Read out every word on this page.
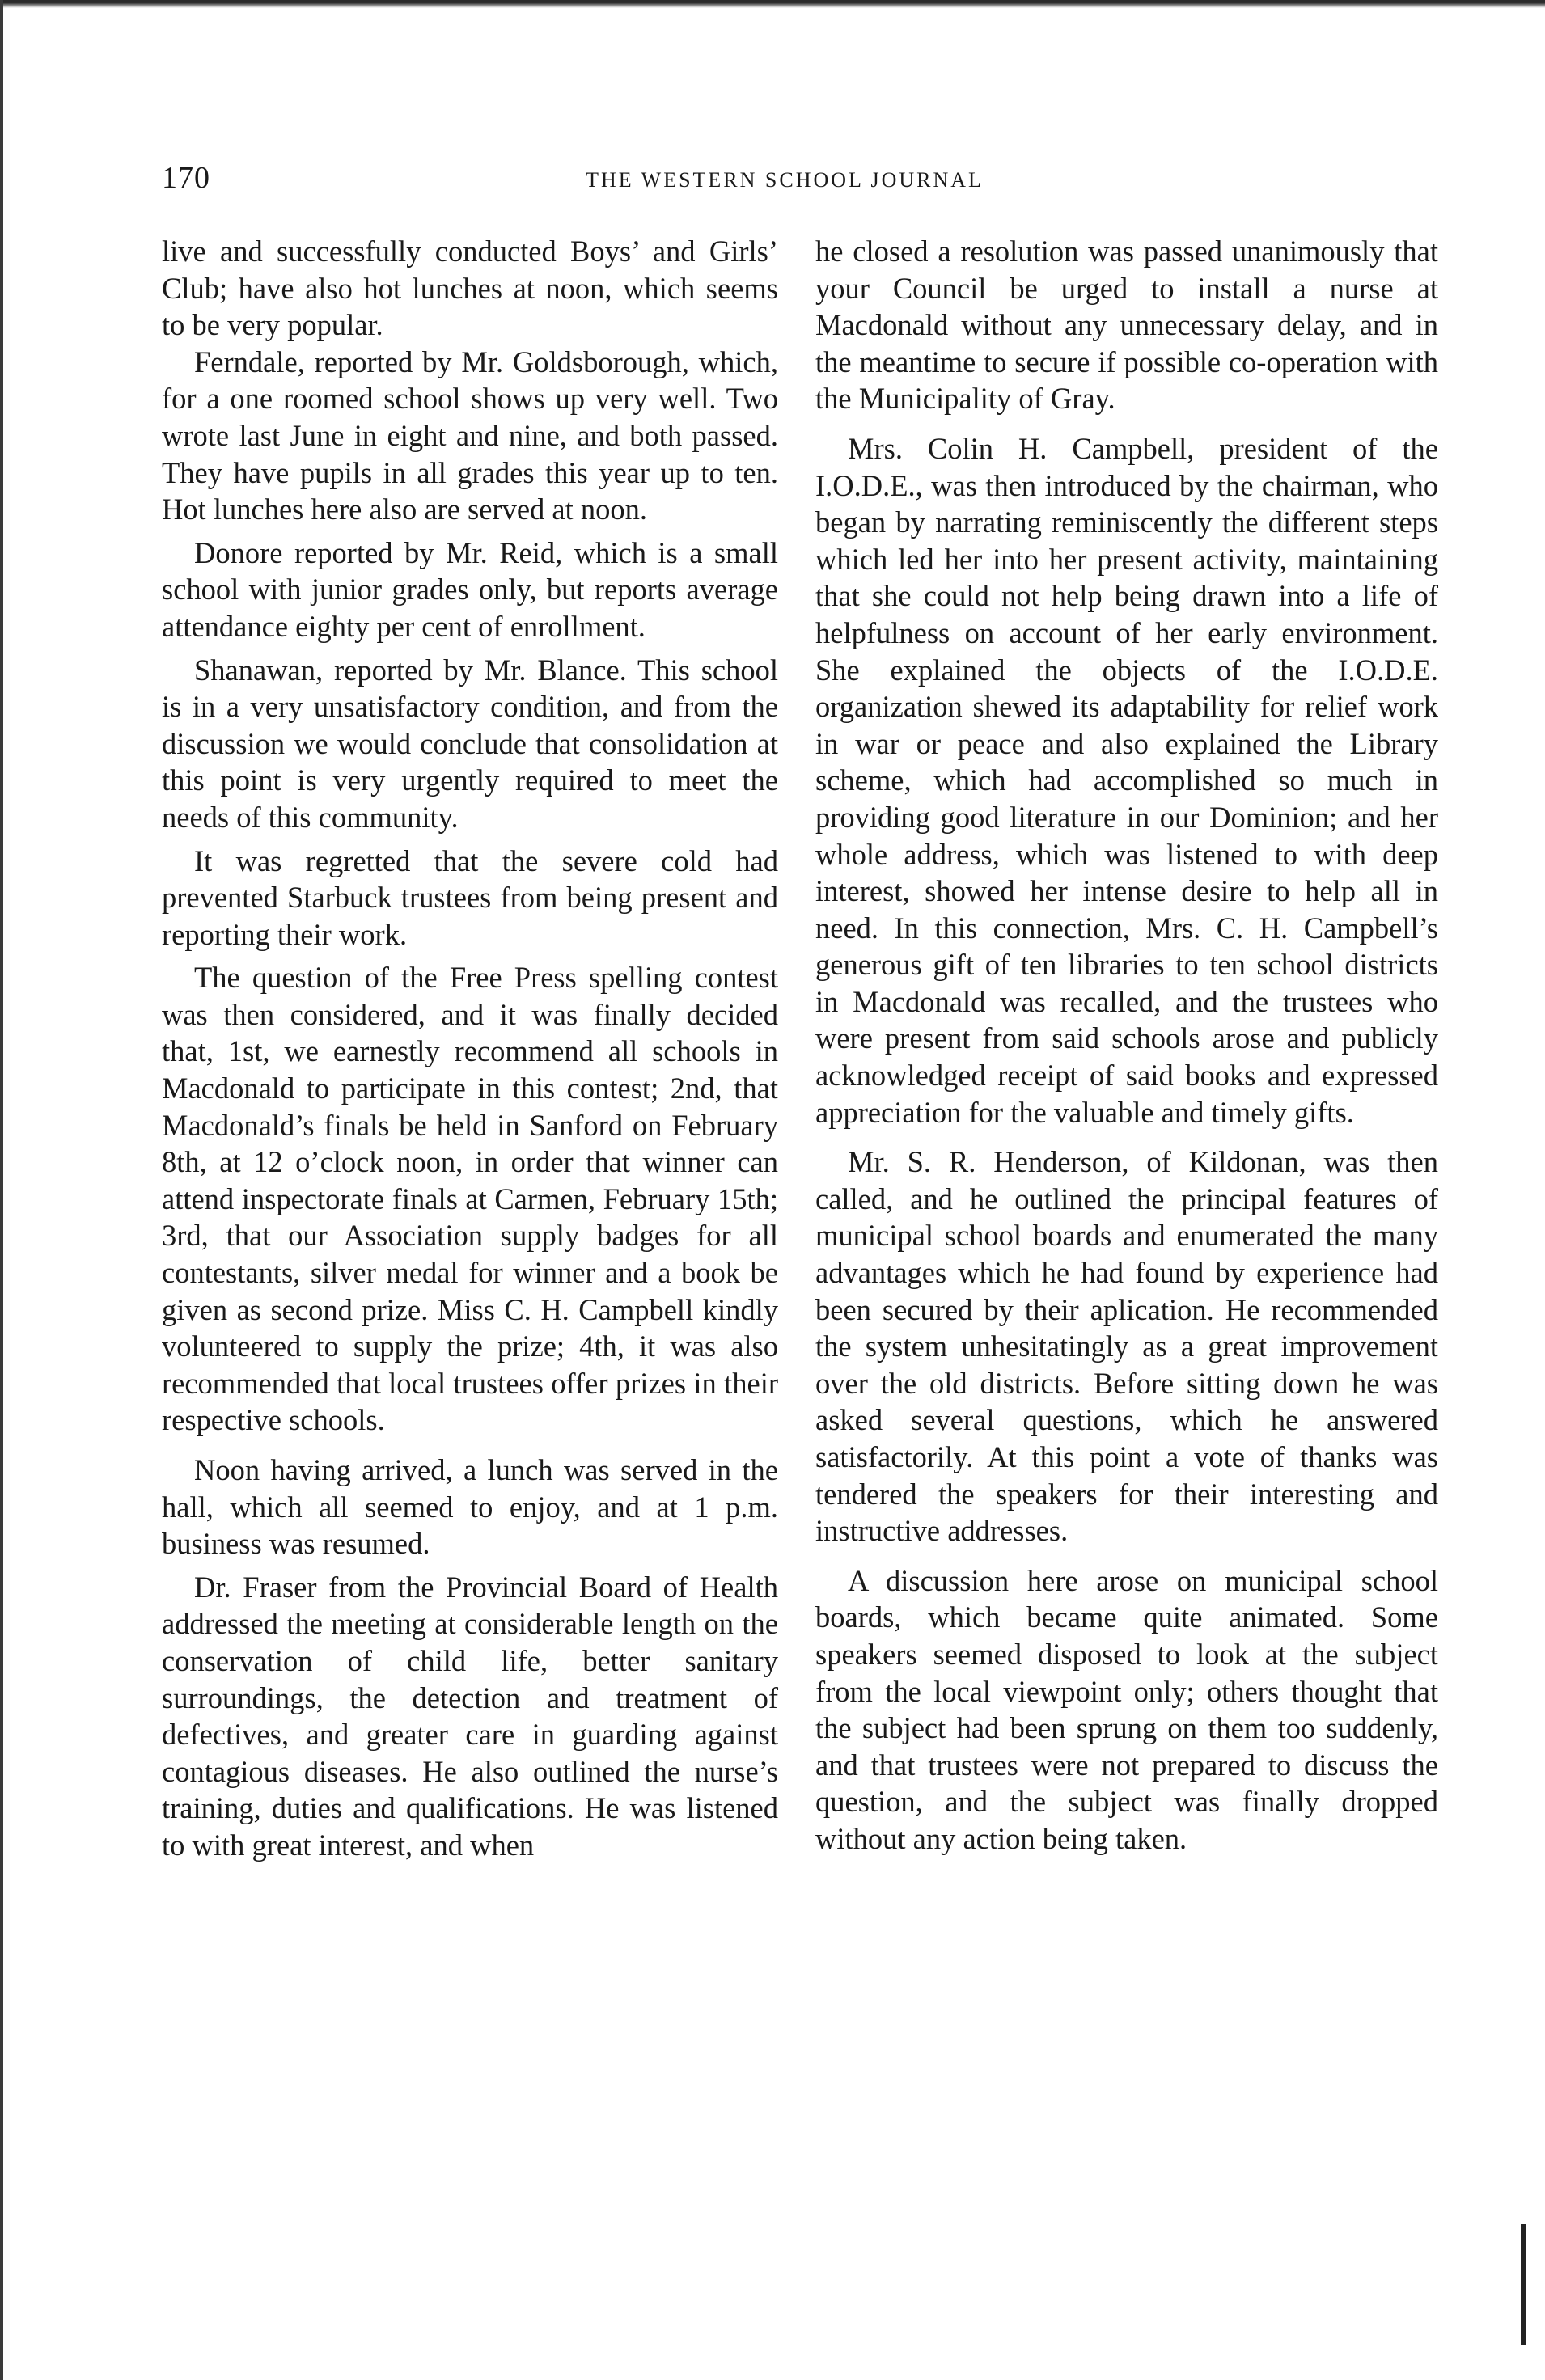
170	THE WESTERN SCHOOL JOURNAL

live and successfully conducted Boys’ and Girls’ Club; have also hot lunches at noon, which seems to be very popular.

Ferndale, reported by Mr. Goldsborough, which, for a one roomed school shows up very well. Two wrote last June in eight and nine, and both passed. They have pupils in all grades this year up to ten. Hot lunches here also are served at noon.

Donore reported by Mr. Reid, which is a small school with junior grades only, but reports average attendance eighty per cent of enrollment.

Shanawan, reported by Mr. Blance. This school is in a very unsatisfactory condition, and from the discussion we would conclude that consolidation at this point is very urgently required to meet the needs of this community.

It was regretted that the severe cold had prevented Starbuck trustees from being present and reporting their work.

The question of the Free Press spelling contest was then considered, and it was finally decided that, 1st, we earnestly recommend all schools in Macdonald to participate in this contest; 2nd, that Macdonald’s finals be held in Sanford on February 8th, at 12 o’clock noon, in order that winner can attend inspectorate finals at Carmen, February 15th; 3rd, that our Association supply badges for all contestants, silver medal for winner and a book be given as second prize. Miss C. H. Campbell kindly volunteered to supply the prize; 4th, it was also recommended that local trustees offer prizes in their respective schools.

Noon having arrived, a lunch was served in the hall, which all seemed to enjoy, and at 1 p.m. business was resumed.

Dr. Fraser from the Provincial Board of Health addressed the meeting at considerable length on the conservation of child life, better sanitary surroundings, the detection and treatment of defectives, and greater care in guarding against contagious diseases. He also outlined the nurse’s training, duties and qualifications. He was listened to with great interest, and when

he closed a resolution was passed unanimously that your Council be urged to install a nurse at Macdonald without any unnecessary delay, and in the meantime to secure if possible co-operation with the Municipality of Gray.

Mrs. Colin H. Campbell, president of the I.O.D.E., was then introduced by the chairman, who began by narrating reminiscently the different steps which led her into her present activity, maintaining that she could not help being drawn into a life of helpfulness on account of her early environment. She explained the objects of the I.O.D.E. organization shewed its adaptability for relief work in war or peace and also explained the Library scheme, which had accomplished so much in providing good literature in our Dominion; and her whole address, which was listened to with deep interest, showed her intense desire to help all in need. In this connection, Mrs. C. H. Campbell’s generous gift of ten libraries to ten school districts in Macdonald was recalled, and the trustees who were present from said schools arose and publicly acknowledged receipt of said books and expressed appreciation for the valuable and timely gifts.

Mr. S. R. Henderson, of Kildonan, was then called, and he outlined the principal features of municipal school boards and enumerated the many advantages which he had found by experience had been secured by their aplication. He recommended the system unhesitatingly as a great improvement over the old districts. Before sitting down he was asked several questions, which he answered satisfactorily. At this point a vote of thanks was tendered the speakers for their interesting and instructive addresses.

A discussion here arose on municipal school boards, which became quite animated. Some speakers seemed disposed to look at the subject from the local viewpoint only; others thought that the subject had been sprung on them too suddenly, and that trustees were not prepared to discuss the question, and the subject was finally dropped without any action being taken.
